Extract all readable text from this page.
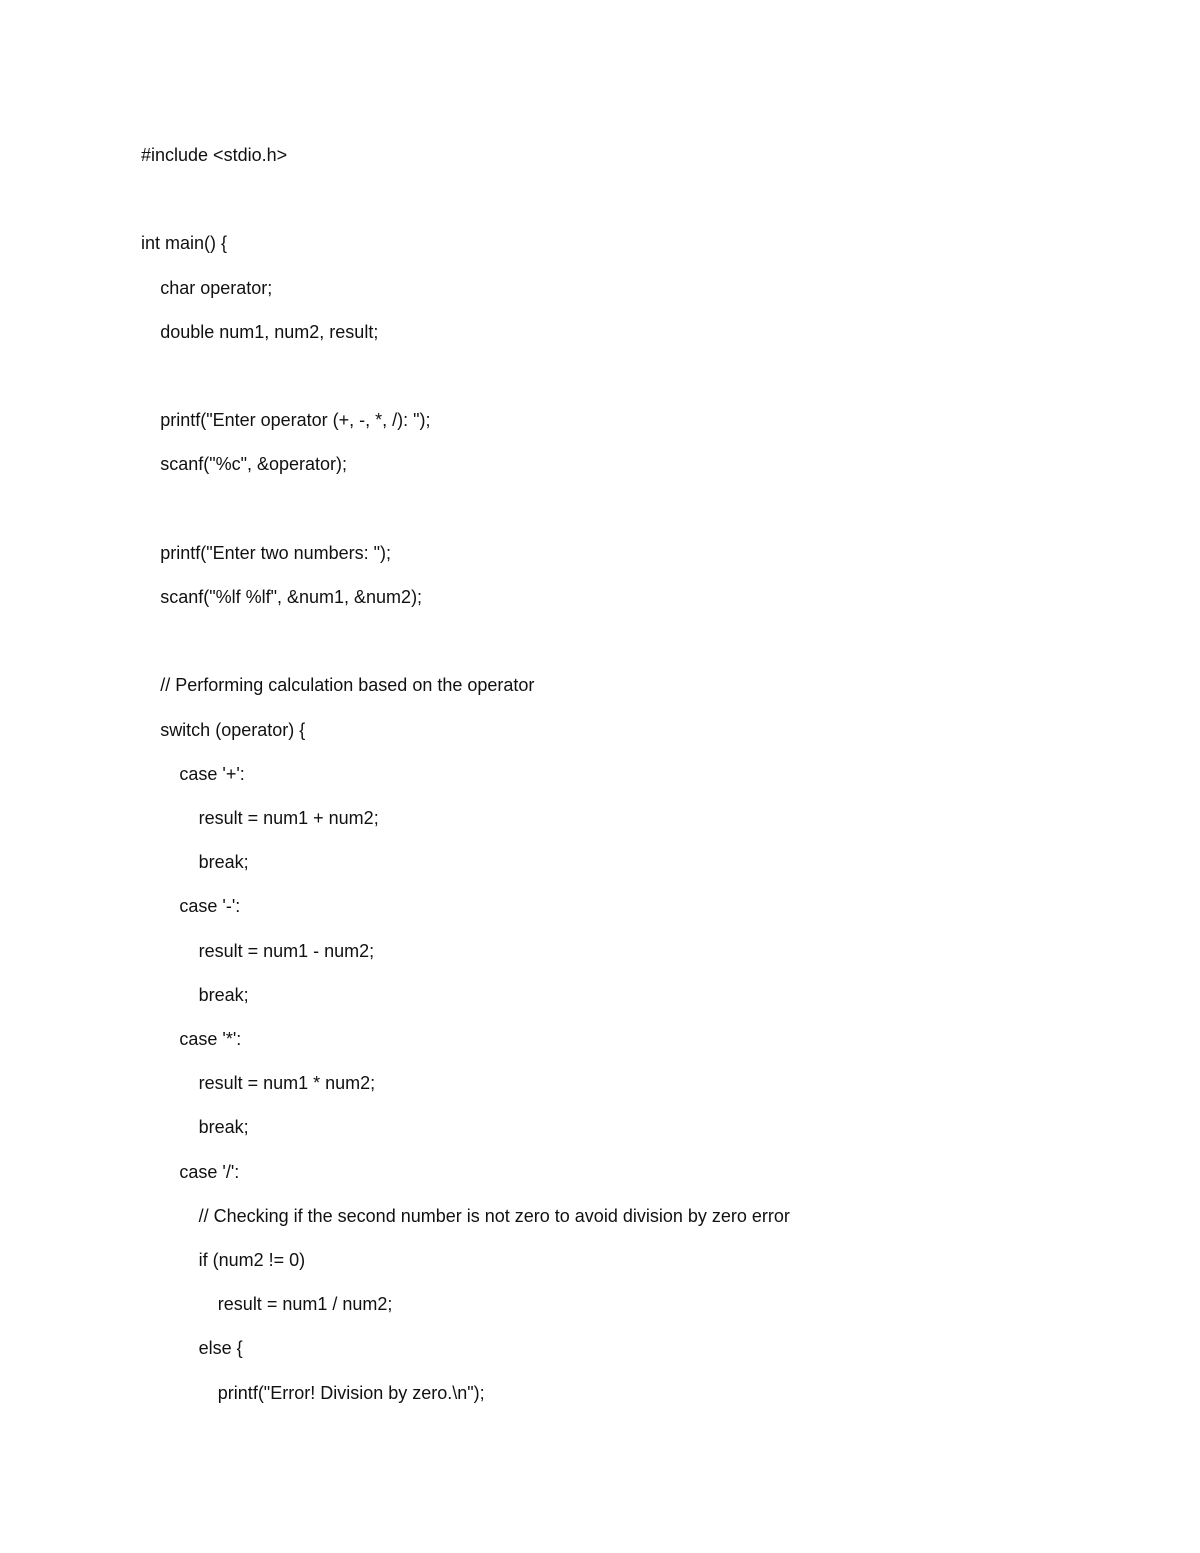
#include <stdio.h>
int main() {
char operator;
double num1, num2, result;
printf("Enter operator (+, -, *, /): ");
scanf("%c", &operator);
printf("Enter two numbers: ");
scanf("%lf %lf", &num1, &num2);
// Performing calculation based on the operator
switch (operator) {
case '+':
result = num1 + num2;
break;
case '-':
result = num1 - num2;
break;
case '*':
result = num1 * num2;
break;
case '/':
// Checking if the second number is not zero to avoid division by zero error
if (num2 != 0)
result = num1 / num2;
else {
printf("Error! Division by zero.\n");
